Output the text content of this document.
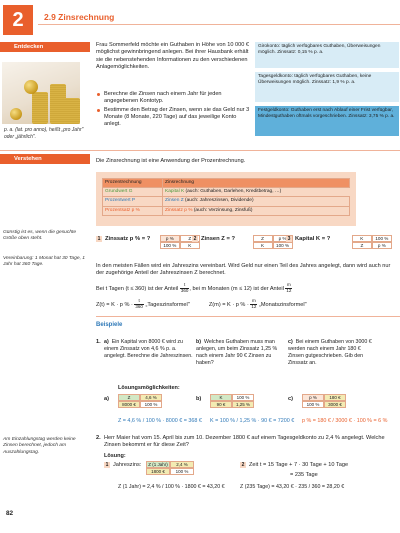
2	2.9 Zinsrechnung
Entdecken
p. a. (lat. pro anno), heißt „pro Jahr" oder „jährlich".
Frau Sommerfeld möchte ein Guthaben in Höhe von 10 000 € möglichst gewinnbringend anlegen. Bei ihrer Hausbank erhält sie die nebenstehenden Informationen zu den verschiedenen Anlagemöglichkeiten.
Berechne die Zinsen nach einem Jahr für jeden angegebenen Kontotyp.
Bestimme den Betrag der Zinsen, wenn sie das Geld nur 3 Monate (8 Monate, 220 Tage) auf das jeweilige Konto anlegt.
Girokonto: täglich verfügbares Guthaben, Überweisungen möglich. Zinssatz: 0,15 % p. a.
Tagesgeldkonto: täglich verfügbares Guthaben, keine Überweisungen möglich. Zinssatz: 1,9 % p. a.
Festgeldkonto: Guthaben erst nach Ablauf einer Frist verfügbar, Mindestguthaben oftmals vorgeschrieben. Zinssatz: 3,75 % p. a.
Verstehen	Die Zinsrechnung ist eine Anwendung der Prozentrechnung.
Prozentrechnung	Zinsrechnung
Grundwert G	Kapital K (auch: Guthaben, Darlehen, Kreditbetrag, …)
Prozentwert P	Zinsen Z (auch: Jahreszinsen, Dividende)
Prozentsatz p %	Zinssatz p % (auch: Verzinsung, Zinsfuß)
Günstig ist es, wenn die gesuchte Größe oben steht.
Vereinbarung: 1 Monat hat 30 Tage, 1 Jahr hat 360 Tage.
1 Zinssatz p % = ?	p %	Z
100 %	K
2 Zinsen Z = ?	Z	p %
K	100 %
3 Kapital K = ?	K	100 %
Z	p %
In den meisten Fällen wird ein Jahreszins vereinbart. Wird Geld nur einen Teil des Jahres angelegt, dann wird auch nur der zugehörige Anteil der Jahreszinsen Z berechnet.
Bei t Tagen (t ≤ 360) ist der Anteil $\frac{t}{360}$ , bei m Monaten (m ≤ 12) ist der Anteil $\frac{m}{12}$
Z(t) = K · p % · $\frac{t}{360}$ „Tageszinsformel"	Z(m) = K · p % · $\frac{m}{12}$ „Monatszinsformel"
Beispiele
1. a) Ein Kapital von 8000 € wird zu einem Zinssatz von 4,6 % p. a. angelegt. Berechne die Jahreszinsen.
b) Welches Guthaben muss man anlegen, um beim Zinssatz 1,25 % nach einem Jahr 90 € Zinsen zu haben?
c) Bei einem Guthaben von 3000 € werden nach einem Jahr 180 € Zinsen gutgeschrieben. Gib den Zinssatz an.
Lösungsmöglichkeiten:
a)	Z	4,6 %
8000 €	100 %
b)	K	100 %
90 €	1,25 %
c)	p %	180 €
100 %	3000 €
Z = 4,6 % / 100 % · 8000 € = 368 € K = 100 % / 1,25 % · 90 € = 7200 € p % = 180 € / 3000 € · 100 % = 6 %
Am Einzahlungstag werden keine Zinsen berechnet, jedoch am Auszahlungstag.
2. Herr Maier hat vom 15. April bis zum 10. Dezember 1800 € auf einem Tagesgeldkonto zu 2,4 % angelegt. Welche Zinsen bekommt er für diese Zeit?
Lösung:
1 Jahreszins:	Z (1 Jahr)	2,4 %
1800 €	100 %
Z (1 Jahr) = 2,4 % / 100 % · 1800 € = 43,20 €
2 Zeit t = 15 Tage + 7 · 30 Tage + 10 Tage
= 235 Tage
Z (235 Tage) = 43,20 € · 235 / 360 = 28,20 €
82
